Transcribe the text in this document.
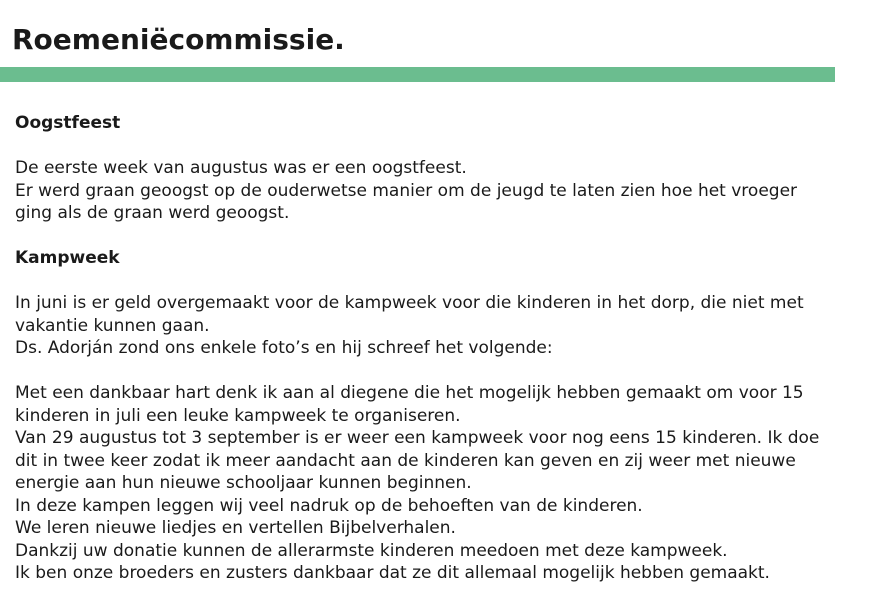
Roemeniëcommissie.
Oogstfeest
De eerste week van augustus was er een oogstfeest.
Er werd graan geoogst op de ouderwetse manier om de jeugd te laten zien hoe het vroeger
ging als de graan werd geoogst.
Kampweek
In juni is er geld overgemaakt voor de kampweek voor die kinderen in het dorp, die niet met
vakantie kunnen gaan.
Ds. Adorján zond ons enkele foto’s en hij schreef het volgende:
Met een dankbaar hart denk ik aan al diegene die het mogelijk hebben gemaakt om voor 15
kinderen in juli een leuke kampweek te organiseren.
Van 29 augustus tot 3 september is er weer een kampweek voor nog eens 15 kinderen. Ik doe
dit in twee keer zodat ik meer aandacht aan de kinderen kan geven en zij weer met nieuwe
energie aan hun nieuwe schooljaar kunnen beginnen.
In deze kampen leggen wij veel nadruk op de behoeften van de kinderen.
We leren nieuwe liedjes en vertellen Bijbelverhalen.
Dankzij uw donatie kunnen de allerarmste kinderen meedoen met deze kampweek.
Ik ben onze broeders en zusters dankbaar dat ze dit allemaal mogelijk hebben gemaakt.
